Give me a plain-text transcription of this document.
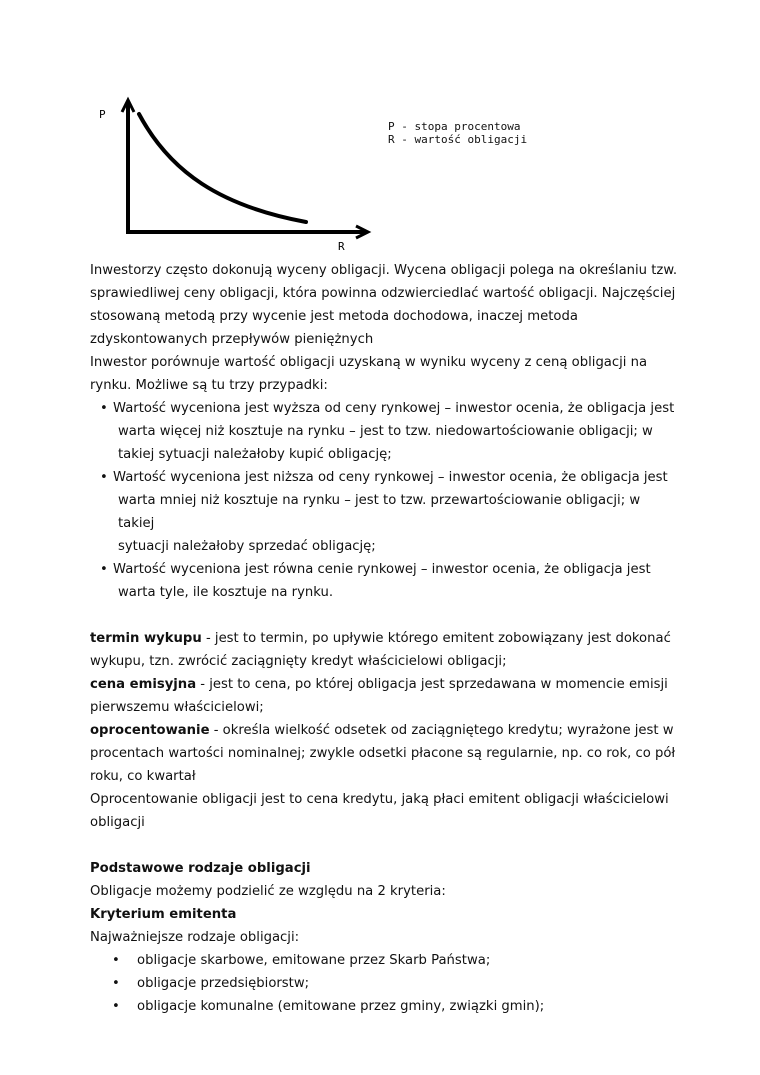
P
R
P - stopa procentowa
R - wartość obligacji
Inwestorzy często dokonują wyceny obligacji. Wycena obligacji polega na określaniu tzw.
sprawiedliwej ceny obligacji, która powinna odzwierciedlać wartość obligacji. Najczęściej
stosowaną metodą przy wycenie jest metoda dochodowa, inaczej metoda
zdyskontowanych przepływów pieniężnych
Inwestor porównuje wartość obligacji uzyskaną w wyniku wyceny z ceną obligacji na
rynku. Możliwe są tu trzy przypadki:
• Wartość wyceniona jest wyższa od ceny rynkowej – inwestor ocenia, że obligacja jest
warta więcej niż kosztuje na rynku – jest to tzw. niedowartościowanie obligacji; w
takiej sytuacji należałoby kupić obligację;
• Wartość wyceniona jest niższa od ceny rynkowej – inwestor ocenia, że obligacja jest
warta mniej niż kosztuje na rynku – jest to tzw. przewartościowanie obligacji; w takiej
sytuacji należałoby sprzedać obligację;
• Wartość wyceniona jest równa cenie rynkowej – inwestor ocenia, że obligacja jest
warta tyle, ile kosztuje na rynku.
termin wykupu - jest to termin, po upływie którego emitent zobowiązany jest dokonać
wykupu, tzn. zwrócić zaciągnięty kredyt właścicielowi obligacji;
cena emisyjna - jest to cena, po której obligacja jest sprzedawana w momencie emisji
pierwszemu właścicielowi;
oprocentowanie - określa wielkość odsetek od zaciągniętego kredytu; wyrażone jest w
procentach wartości nominalnej; zwykle odsetki płacone są regularnie, np. co rok, co pół
roku, co kwartał
Oprocentowanie obligacji jest to cena kredytu, jaką płaci emitent obligacji właścicielowi
obligacji
Podstawowe rodzaje obligacji
Obligacje możemy podzielić ze względu na 2 kryteria:
Kryterium emitenta
Najważniejsze rodzaje obligacji:
• obligacje skarbowe, emitowane przez Skarb Państwa;
• obligacje przedsiębiorstw;
• obligacje komunalne (emitowane przez gminy, związki gmin);
